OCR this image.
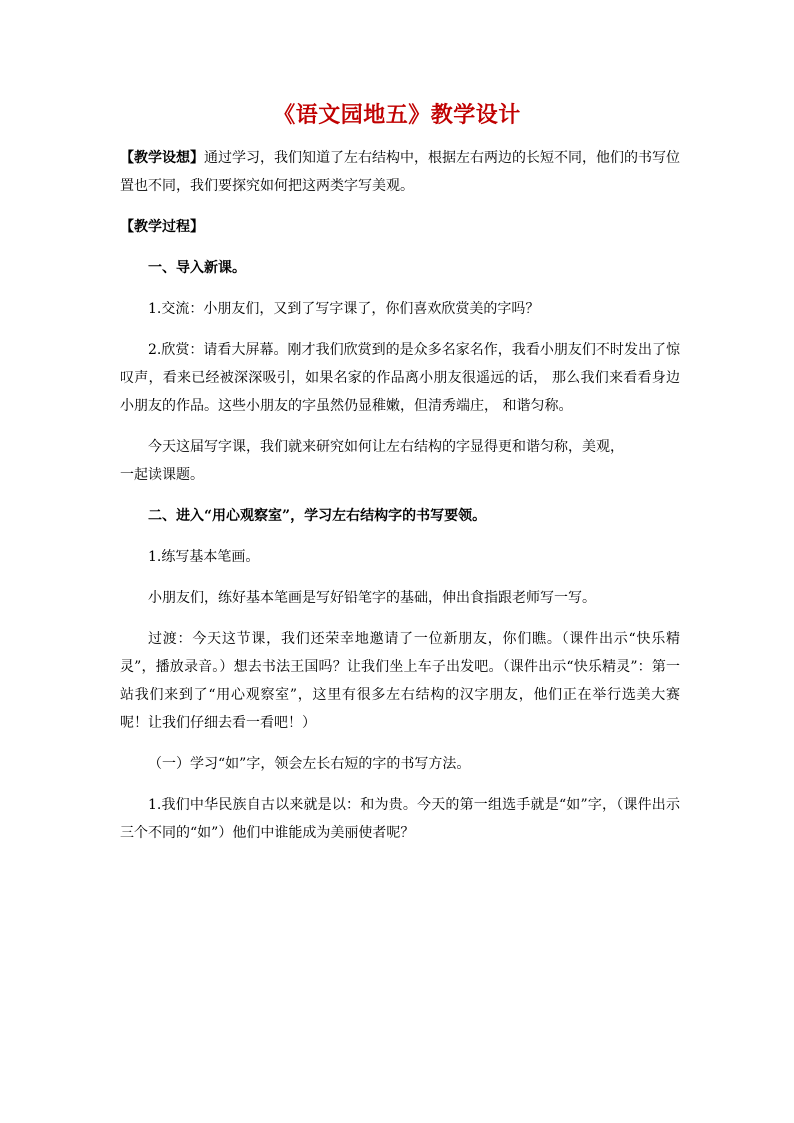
《语文园地五》教学设计

【教学设想】通过学习，我们知道了左右结构中，根据左右两边的长短不同，他们的书写位置也不同，我们要探究如何把这两类字写美观。

【教学过程】

一、导入新课。

1.交流：小朋友们，又到了写字课了，你们喜欢欣赏美的字吗？

2.欣赏：请看大屏幕。刚才我们欣赏到的是众多名家名作，我看小朋友们不时发出了惊叹声，看来已经被深深吸引，如果名家的作品离小朋友很遥远的话， 那么我们来看看身边小朋友的作品。这些小朋友的字虽然仍显稚嫩，但清秀端庄， 和谐匀称。

今天这届写字课，我们就来研究如何让左右结构的字显得更和谐匀称，美观，
一起读课题。

二、进入“用心观察室”，学习左右结构字的书写要领。

1.练写基本笔画。

小朋友们，练好基本笔画是写好铅笔字的基础，伸出食指跟老师写一写。

过渡：今天这节课，我们还荣幸地邀请了一位新朋友，你们瞧。（课件出示“快乐精灵”，播放录音。）想去书法王国吗？让我们坐上车子出发吧。（课件出示“快乐精灵”：第一站我们来到了“用心观察室”，这里有很多左右结构的汉字朋友，他们正在举行选美大赛呢！让我们仔细去看一看吧！）

（一）学习“如”字，领会左长右短的字的书写方法。

1.我们中华民族自古以来就是以：和为贵。今天的第一组选手就是“如”字，（课件出示三个不同的“如”）他们中谁能成为美丽使者呢？
